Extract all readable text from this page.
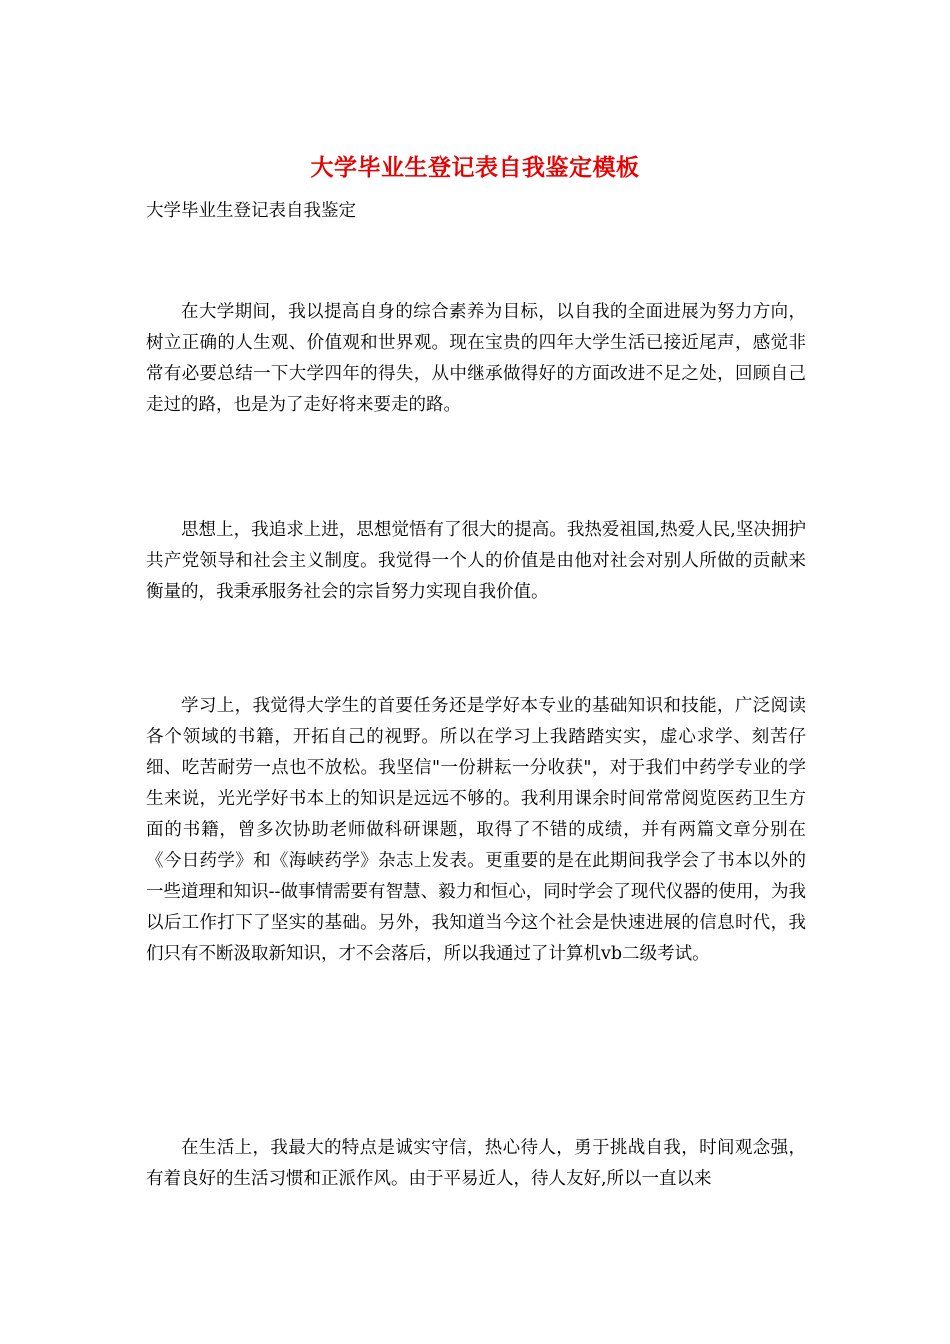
大学毕业生登记表自我鉴定模板
大学毕业生登记表自我鉴定

在大学期间，我以提高自身的综合素养为目标，以自我的全面进展为努力方向，树立正确的人生观、价值观和世界观。现在宝贵的四年大学生活已接近尾声，感觉非常有必要总结一下大学四年的得失，从中继承做得好的方面改进不足之处，回顾自己走过的路，也是为了走好将来要走的路。

思想上，我追求上进，思想觉悟有了很大的提高。我热爱祖国,热爱人民,坚决拥护共产党领导和社会主义制度。我觉得一个人的价值是由他对社会对别人所做的贡献来衡量的，我秉承服务社会的宗旨努力实现自我价值。

学习上，我觉得大学生的首要任务还是学好本专业的基础知识和技能，广泛阅读各个领域的书籍，开拓自己的视野。所以在学习上我踏踏实实，虚心求学、刻苦仔细、吃苦耐劳一点也不放松。我坚信"一份耕耘一分收获"，对于我们中药学专业的学生来说，光光学好书本上的知识是远远不够的。我利用课余时间常常阅览医药卫生方面的书籍，曾多次协助老师做科研课题，取得了不错的成绩，并有两篇文章分别在《今日药学》和《海峡药学》杂志上发表。更重要的是在此期间我学会了书本以外的一些道理和知识--做事情需要有智慧、毅力和恒心，同时学会了现代仪器的使用，为我以后工作打下了坚实的基础。另外，我知道当今这个社会是快速进展的信息时代，我们只有不断汲取新知识，才不会落后，所以我通过了计算机vb二级考试。

在生活上，我最大的特点是诚实守信，热心待人，勇于挑战自我，时间观念强，有着良好的生活习惯和正派作风。由于平易近人，待人友好,所以一直以来
